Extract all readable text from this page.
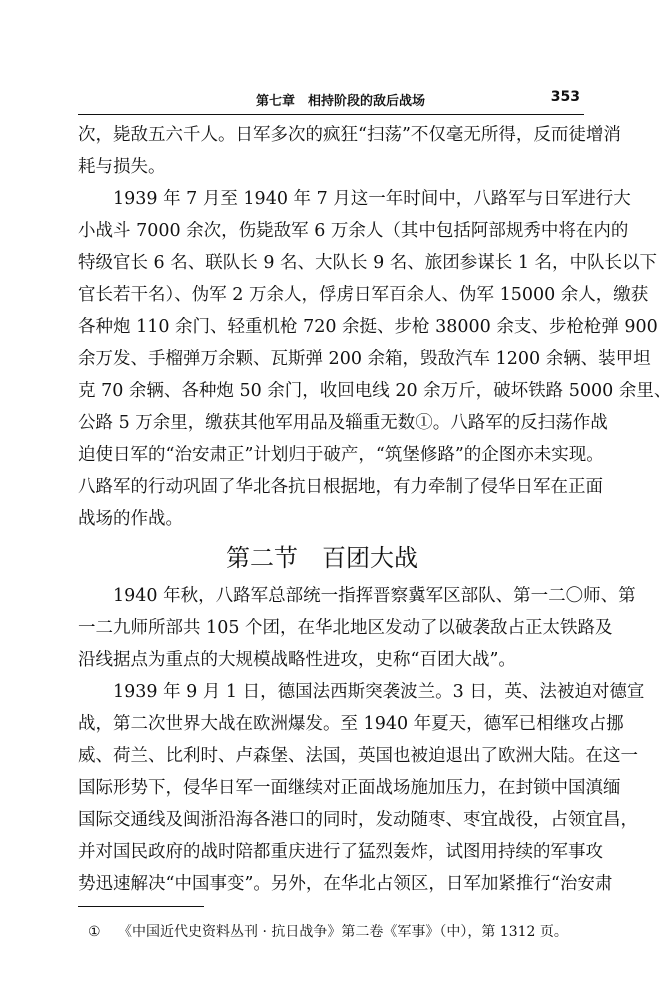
第七章　相持阶段的敌后战场	353
次，毙敌五六千人。日军多次的疯狂“扫荡”不仅毫无所得，反而徒增消
耗与损失。
1939 年 7 月至 1940 年 7 月这一年时间中，八路军与日军进行大
小战斗 7000 余次，伤毙敌军 6 万余人（其中包括阿部规秀中将在内的
特级官长 6 名、联队长 9 名、大队长 9 名、旅团参谋长 1 名，中队长以下
官长若干名）、伪军 2 万余人，俘虏日军百余人、伪军 15000 余人，缴获
各种炮 110 余门、轻重机枪 720 余挺、步枪 38000 余支、步枪枪弹 900
余万发、手榴弹万余颗、瓦斯弹 200 余箱，毁敌汽车 1200 余辆、装甲坦
克 70 余辆、各种炮 50 余门，收回电线 20 余万斤，破坏铁路 5000 余里、
公路 5 万余里，缴获其他军用品及辎重无数①。八路军的反扫荡作战
迫使日军的“治安肃正”计划归于破产，“筑堡修路”的企图亦未实现。
八路军的行动巩固了华北各抗日根据地，有力牵制了侵华日军在正面
第二节　百团大战
1940 年秋，八路军总部统一指挥晋察冀军区部队、第一二〇师、第
一二九师所部共 105 个团，在华北地区发动了以破袭敌占正太铁路及
沿线据点为重点的大规模战略性进攻，史称“百团大战”。
1939 年 9 月 1 日，德国法西斯突袭波兰。3 日，英、法被迫对德宣
战，第二次世界大战在欧洲爆发。至 1940 年夏天，德军已相继攻占挪
威、荷兰、比利时、卢森堡、法国，英国也被迫退出了欧洲大陆。在这一
国际形势下，侵华日军一面继续对正面战场施加压力，在封锁中国滇缅
国际交通线及闽浙沿海各港口的同时，发动随枣、枣宜战役，占领宜昌，
并对国民政府的战时陪都重庆进行了猛烈轰炸，试图用持续的军事攻
① 《中国近代史资料丛刊 · 抗日战争》第二卷《军事》（中），第 1312 页。
战场的作战。
势迅速解决“中国事变”。另外，在华北占领区，日军加紧推行“治安肃
